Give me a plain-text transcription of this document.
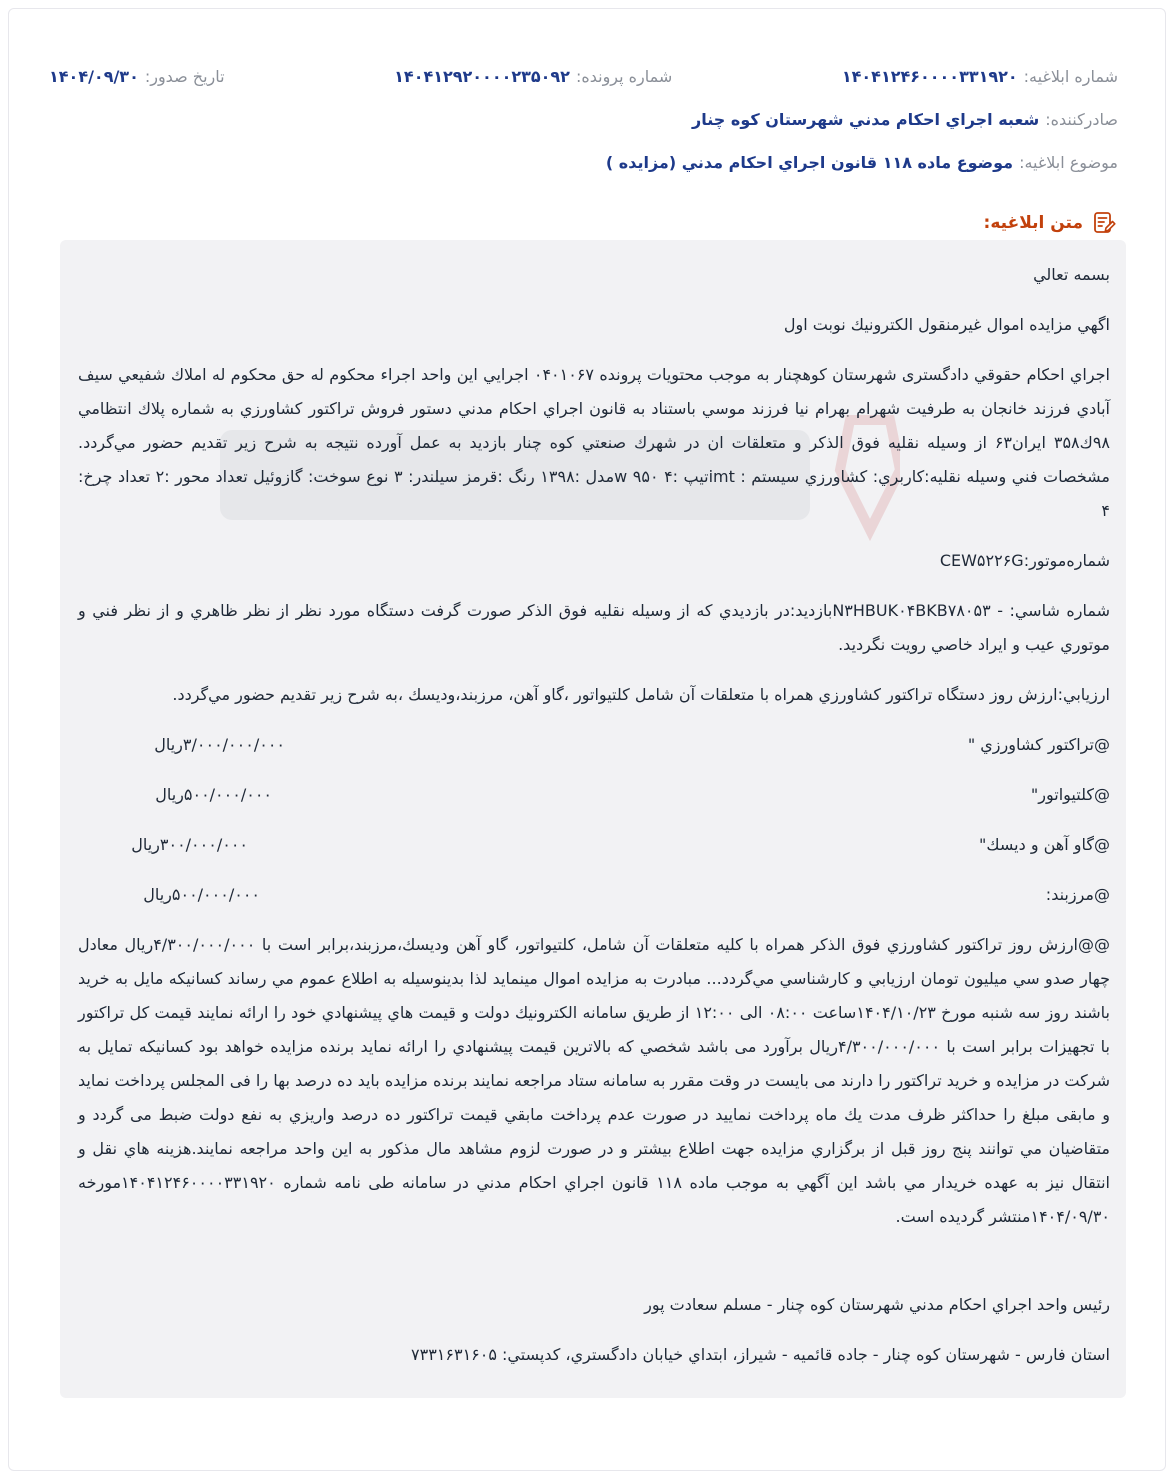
شماره ابلاغیه:
۱۴۰۴۱۲۴۶۰۰۰۰۳۳۱۹۲۰
شماره پرونده:
۱۴۰۴۱۲۹۲۰۰۰۰۲۳۵۰۹۲
تاریخ صدور:
۱۴۰۴/۰۹/۳۰
صادرکننده:
شعبه اجراي احكام مدني شهرستان كوه چنار
موضوع ابلاغیه:
موضوع ماده ۱۱۸ قانون اجراي احكام مدني (مزايده )
متن ابلاغیه:

بسمه تعالي

اگهي مزايده اموال غيرمنقول الكترونيك نوبت اول

اجراي احكام حقوقي دادگستری شهرستان كوهچنار به موجب محتويات پرونده ۰۴۰۱۰۶۷ اجرايي اين واحد اجراء محكوم له حق محكوم له املاك شفيعي سيف آبادي فرزند خانجان به طرفيت شهرام بهرام نيا فرزند موسي باستناد به قانون اجراي احكام مدني دستور فروش تراكتور كشاورزي به شماره پلاك انتظامي ۹۸ك۳۵۸ ايران۶۳ از وسيله نقليه فوق الذكر و متعلقات ان در شهرك صنعتي كوه چنار بازديد به عمل آورده نتيجه به شرح زير تقديم حضور مي‌گردد. مشخصات فني وسيله نقليه:كاربري: كشاورزي سيستم : imtتيپ :۴ ۹۵۰ wمدل :۱۳۹۸ رنگ :قرمز سيلندر: ۳ نوع سوخت: گازوئيل تعداد محور :۲ تعداد چرخ: ۴

شماره‌موتور:CEW۵۲۲۶G

شماره شاسي: - N۳HBUK۰۴BKB۷۸۰۵۳بازديد:در بازديدي كه از وسيله نقليه فوق الذكر صورت گرفت دستگاه مورد نظر از نظر ظاهري و از نظر فني و موتوري عيب و ايراد خاصي رويت نگرديد.

ارزيابي:ارزش روز دستگاه تراكتور كشاورزي همراه با متعلقات آن شامل كلتيواتور ،گاو آهن، مرزبند،وديسك ،به شرح زير تقديم حضور مي‌گردد.

@تراكتور كشاورزي "
۳/۰۰۰/۰۰۰/۰۰۰ريال
@كلتيواتور"
۵۰۰/۰۰۰/۰۰۰ريال
@گاو آهن و ديسك"
۳۰۰/۰۰۰/۰۰۰ريال
@مرزبند:
۵۰۰/۰۰۰/۰۰۰ريال

@@ارزش روز تراكتور كشاورزي فوق الذكر همراه با كليه متعلقات آن شامل، كلتيواتور، گاو آهن وديسك،مرزبند،برابر است با ۴/۳۰۰/۰۰۰/۰۰۰ريال معادل چهار صدو سي ميليون تومان ارزيابي و كارشناسي مي‌گردد... مبادرت به مزايده اموال مينمايد لذا بدينوسيله به اطلاع عموم مي رساند كسانيكه مايل به خريد باشند روز سه شنبه مورخ ۱۴۰۴/۱۰/۲۳ساعت ۰۸:۰۰ الی ۱۲:۰۰ از طريق سامانه الكترونيك دولت و قيمت هاي پيشنهادي خود را ارائه نمايند قيمت كل تراكتور با تجهيزات برابر است با ۴/۳۰۰/۰۰۰/۰۰۰ريال برآورد می باشد شخصي كه بالاترين قيمت پيشنهادي را ارائه نمايد برنده مزايده خواهد بود كسانيكه تمايل به شركت در مزايده و خريد تراكتور را دارند می بايست در وقت مقرر به سامانه ستاد مراجعه نمايند برنده مزايده بايد ده درصد بها را فی المجلس پرداخت نمايد و مابقی مبلغ را حداكثر ظرف مدت يك ماه پرداخت نماييد در صورت عدم پرداخت مابقي قيمت تراكتور ده درصد واريزي به نفع دولت ضبط می گردد و متقاضيان مي توانند پنج روز قبل از برگزاري مزايده جهت اطلاع بيشتر و در صورت لزوم مشاهد مال مذكور به اين واحد مراجعه نمايند.هزينه هاي نقل و انتقال نيز به عهده خريدار مي باشد اين آگهي به موجب ماده ۱۱۸ قانون اجراي احكام مدني در سامانه طی نامه شماره ۱۴۰۴۱۲۴۶۰۰۰۰۳۳۱۹۲۰مورخه ۱۴۰۴/۰۹/۳۰منتشر گرديده است.

رئيس واحد اجراي احكام مدني شهرستان كوه چنار - مسلم سعادت پور

استان فارس - شهرستان كوه چنار - جاده قائميه - شيراز، ابتداي خيابان دادگستري، كدپستي: ۷۳۳۱۶۳۱۶۰۵
